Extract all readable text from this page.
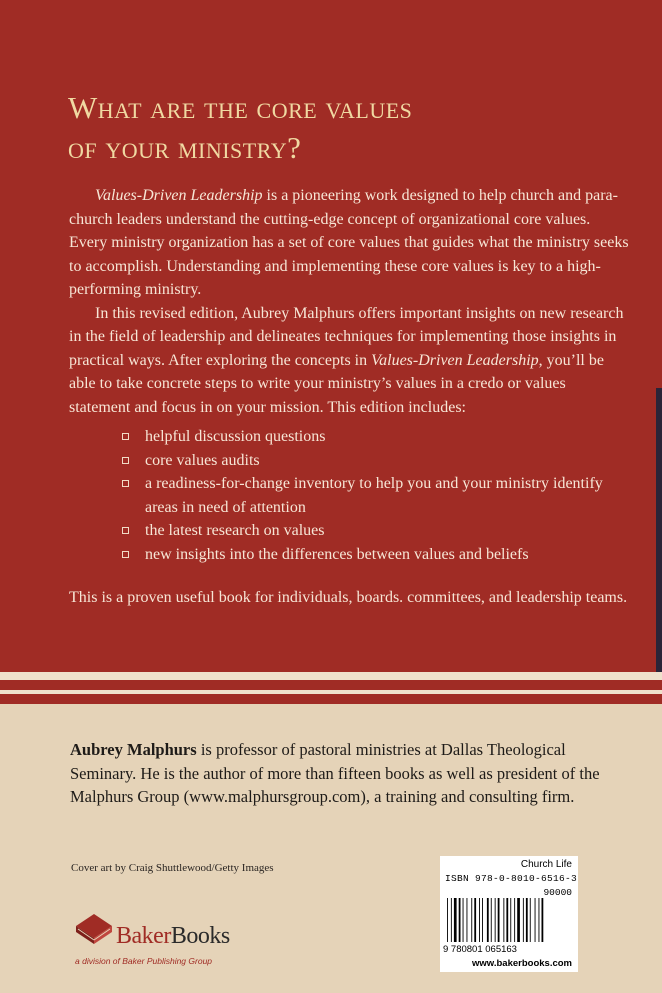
What are the core values
of your ministry?

Values-Driven Leadership is a pioneering work designed to help church and para-church leaders understand the cutting-edge concept of organizational core values. Every ministry organization has a set of core values that guides what the ministry seeks to accomplish. Understanding and implementing these core values is key to a high-performing ministry.

In this revised edition, Aubrey Malphurs offers important insights on new research in the field of leadership and delineates techniques for implementing those insights in practical ways. After exploring the concepts in Values-Driven Leadership, you’ll be able to take concrete steps to write your ministry’s values in a credo or values statement and focus in on your mission. This edition includes:

helpful discussion questions
core values audits
a readiness-for-change inventory to help you and your ministry identify areas in need of attention
the latest research on values
new insights into the differences between values and beliefs

This is a proven useful book for individuals, boards. committees, and leadership teams.

Aubrey Malphurs is professor of pastoral ministries at Dallas Theological Seminary. He is the author of more than fifteen books as well as president of the Malphurs Group (www.malphursgroup.com), a training and consulting firm.

Cover art by Craig Shuttlewood/Getty Images

BakerBooks
a division of Baker Publishing Group
Church Life
ISBN 978-0-8010-6516-3
90000
9 780801 065163
www.bakerbooks.com
